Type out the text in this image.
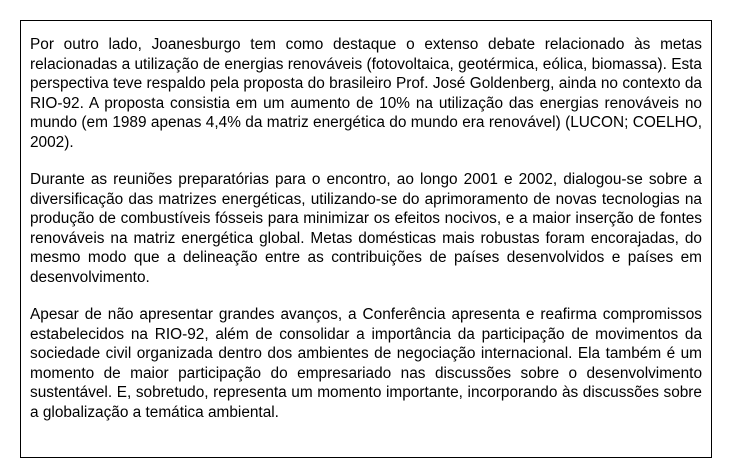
Por outro lado, Joanesburgo tem como destaque o extenso debate relacionado às metas relacionadas a utilização de energias renováveis (fotovoltaica, geotérmica, eólica, biomassa). Esta perspectiva teve respaldo pela proposta do brasileiro Prof. José Goldenberg, ainda no contexto da RIO-92. A proposta consistia em um aumento de 10% na utilização das energias renováveis no mundo (em 1989 apenas 4,4% da matriz energética do mundo era renovável) (LUCON; COELHO, 2002).

Durante as reuniões preparatórias para o encontro, ao longo 2001 e 2002, dialogou-se sobre a diversificação das matrizes energéticas, utilizando-se do aprimoramento de novas tecnologias na produção de combustíveis fósseis para minimizar os efeitos nocivos, e a maior inserção de fontes renováveis na matriz energética global. Metas domésticas mais robustas foram encorajadas, do mesmo modo que a delineação entre as contribuições de países desenvolvidos e países em desenvolvimento.

Apesar de não apresentar grandes avanços, a Conferência apresenta e reafirma compromissos estabelecidos na RIO-92, além de consolidar a importância da participação de movimentos da sociedade civil organizada dentro dos ambientes de negociação internacional. Ela também é um momento de maior participação do empresariado nas discussões sobre o desenvolvimento sustentável. E, sobretudo, representa um momento importante, incorporando às discussões sobre a globalização a temática ambiental.
